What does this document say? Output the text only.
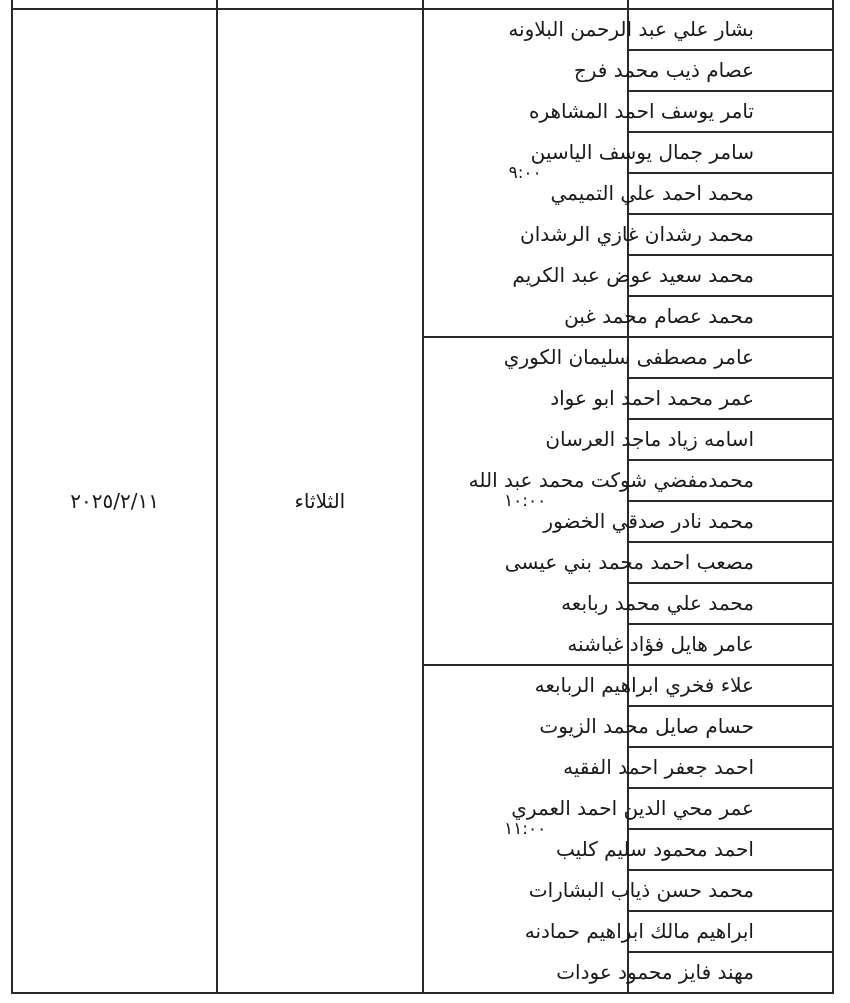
٢٠٢٥/٢/١١	الثلاثاء	٩:٠٠	بشار علي عبد الرحمن البلاونه
			عصام ذيب محمد فرج
			تامر يوسف احمد المشاهره
			سامر جمال يوسف الياسين
			محمد احمد علي التميمي
			محمد رشدان غازي الرشدان
			محمد سعيد عوض عبد الكريم
			محمد عصام محمد غبن
		١٠:٠٠	عامر مصطفى سليمان الكوري
			عمر محمد احمد ابو عواد
			اسامه زياد ماجد العرسان
			محمدمفضي شوكت محمد عبد الله
			محمد نادر صدقي الخضور
			مصعب احمد محمد بني عيسى
			محمد علي محمد ربابعه
			عامر هايل فؤاد غباشنه
		١١:٠٠	علاء فخري ابراهيم الربابعه
			حسام صايل محمد الزيوت
			احمد جعفر احمد الفقيه
			عمر محي الدين احمد العمري
			احمد محمود سليم كليب
			محمد حسن ذياب البشارات
			ابراهيم مالك ابراهيم حمادنه
			مهند فايز محمود عودات
